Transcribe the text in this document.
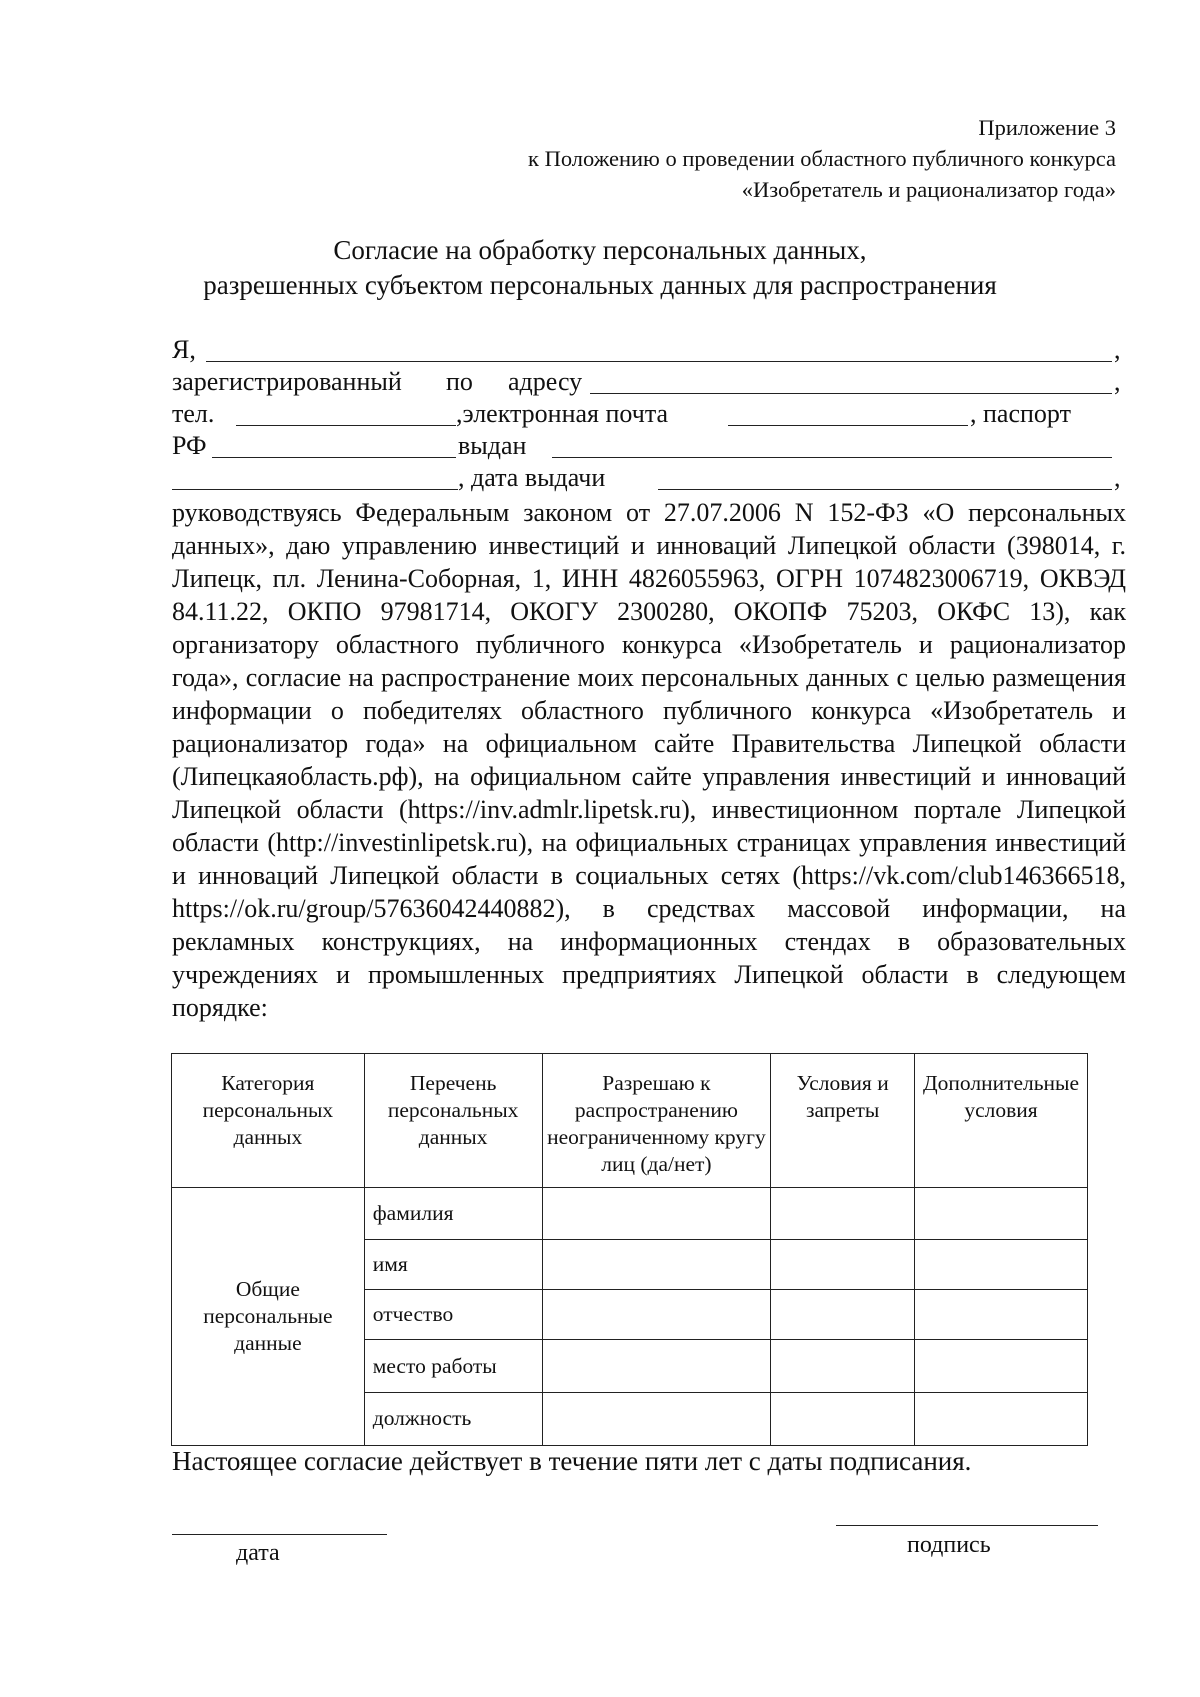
Приложение 3
к Положению о проведении областного публичного конкурса
«Изобретатель и рационализатор года»
Согласие на обработку персональных данных,
разрешенных субъектом персональных данных для распространения
Я,	,
зарегистрированный по адресу	,
тел.	,электронная почта	, паспорт
РФ	выдан
, дата выдачи	,

руководствуясь Федеральным законом от 27.07.2006 N 152-ФЗ «О персональных данных», даю управлению инвестиций и инноваций Липецкой области (398014, г. Липецк, пл. Ленина-Соборная, 1, ИНН 4826055963, ОГРН 1074823006719, ОКВЭД 84.11.22, ОКПО 97981714, ОКОГУ 2300280, ОКОПФ 75203, ОКФС 13), как организатору областного публичного конкурса «Изобретатель и рационализатор года», согласие на распространение моих персональных данных с целью размещения информации о победителях областного публичного конкурса «Изобретатель и рационализатор года» на официальном сайте Правительства Липецкой области (Липецкаяобласть.рф), на официальном сайте управления инвестиций и инноваций Липецкой области (https://inv.admlr.lipetsk.ru), инвестиционном портале Липецкой области (http://investinlipetsk.ru), на официальных страницах управления инвестиций и инноваций Липецкой области в социальных сетях (https://vk.com/club146366518, https://ok.ru/group/57636042440882), в средствах массовой информации, на рекламных конструкциях, на информационных стендах в образовательных учреждениях и промышленных предприятиях Липецкой области в следующем порядке:

Категория персональных данных	Перечень персональных данных	Разрешаю к распространению неограниченному кругу лиц (да/нет)	Условия и запреты	Дополнительные условия
Общие персональные данные	фамилия			
	имя			
	отчество			
	место работы			
	должность			
Настоящее согласие действует в течение пяти лет с даты подписания.
дата	подпись
